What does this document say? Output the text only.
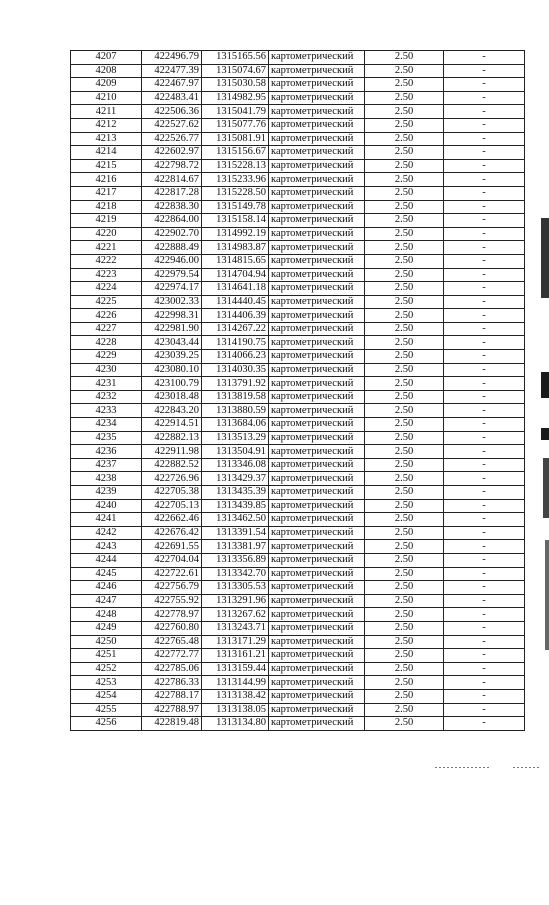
4207	422496.79	1315165.56	картометрический	2.50	-
4208	422477.39	1315074.67	картометрический	2.50	-
4209	422467.97	1315030.58	картометрический	2.50	-
4210	422483.41	1314982.95	картометрический	2.50	-
4211	422506.36	1315041.79	картометрический	2.50	-
4212	422527.62	1315077.76	картометрический	2.50	-
4213	422526.77	1315081.91	картометрический	2.50	-
4214	422602.97	1315156.67	картометрический	2.50	-
4215	422798.72	1315228.13	картометрический	2.50	-
4216	422814.67	1315233.96	картометрический	2.50	-
4217	422817.28	1315228.50	картометрический	2.50	-
4218	422838.30	1315149.78	картометрический	2.50	-
4219	422864.00	1315158.14	картометрический	2.50	-
4220	422902.70	1314992.19	картометрический	2.50	-
4221	422888.49	1314983.87	картометрический	2.50	-
4222	422946.00	1314815.65	картометрический	2.50	-
4223	422979.54	1314704.94	картометрический	2.50	-
4224	422974.17	1314641.18	картометрический	2.50	-
4225	423002.33	1314440.45	картометрический	2.50	-
4226	422998.31	1314406.39	картометрический	2.50	-
4227	422981.90	1314267.22	картометрический	2.50	-
4228	423043.44	1314190.75	картометрический	2.50	-
4229	423039.25	1314066.23	картометрический	2.50	-
4230	423080.10	1314030.35	картометрический	2.50	-
4231	423100.79	1313791.92	картометрический	2.50	-
4232	423018.48	1313819.58	картометрический	2.50	-
4233	422843.20	1313880.59	картометрический	2.50	-
4234	422914.51	1313684.06	картометрический	2.50	-
4235	422882.13	1313513.29	картометрический	2.50	-
4236	422911.98	1313504.91	картометрический	2.50	-
4237	422882.52	1313346.08	картометрический	2.50	-
4238	422726.96	1313429.37	картометрический	2.50	-
4239	422705.38	1313435.39	картометрический	2.50	-
4240	422705.13	1313439.85	картометрический	2.50	-
4241	422662.46	1313462.50	картометрический	2.50	-
4242	422676.42	1313391.54	картометрический	2.50	-
4243	422691.55	1313381.97	картометрический	2.50	-
4244	422704.04	1313356.89	картометрический	2.50	-
4245	422722.61	1313342.70	картометрический	2.50	-
4246	422756.79	1313305.53	картометрический	2.50	-
4247	422755.92	1313291.96	картометрический	2.50	-
4248	422778.97	1313267.62	картометрический	2.50	-
4249	422760.80	1313243.71	картометрический	2.50	-
4250	422765.48	1313171.29	картометрический	2.50	-
4251	422772.77	1313161.21	картометрический	2.50	-
4252	422785.06	1313159.44	картометрический	2.50	-
4253	422786.33	1313144.99	картометрический	2.50	-
4254	422788.17	1313138.42	картометрический	2.50	-
4255	422788.97	1313138.05	картометрический	2.50	-
4256	422819.48	1313134.80	картометрический	2.50	-
